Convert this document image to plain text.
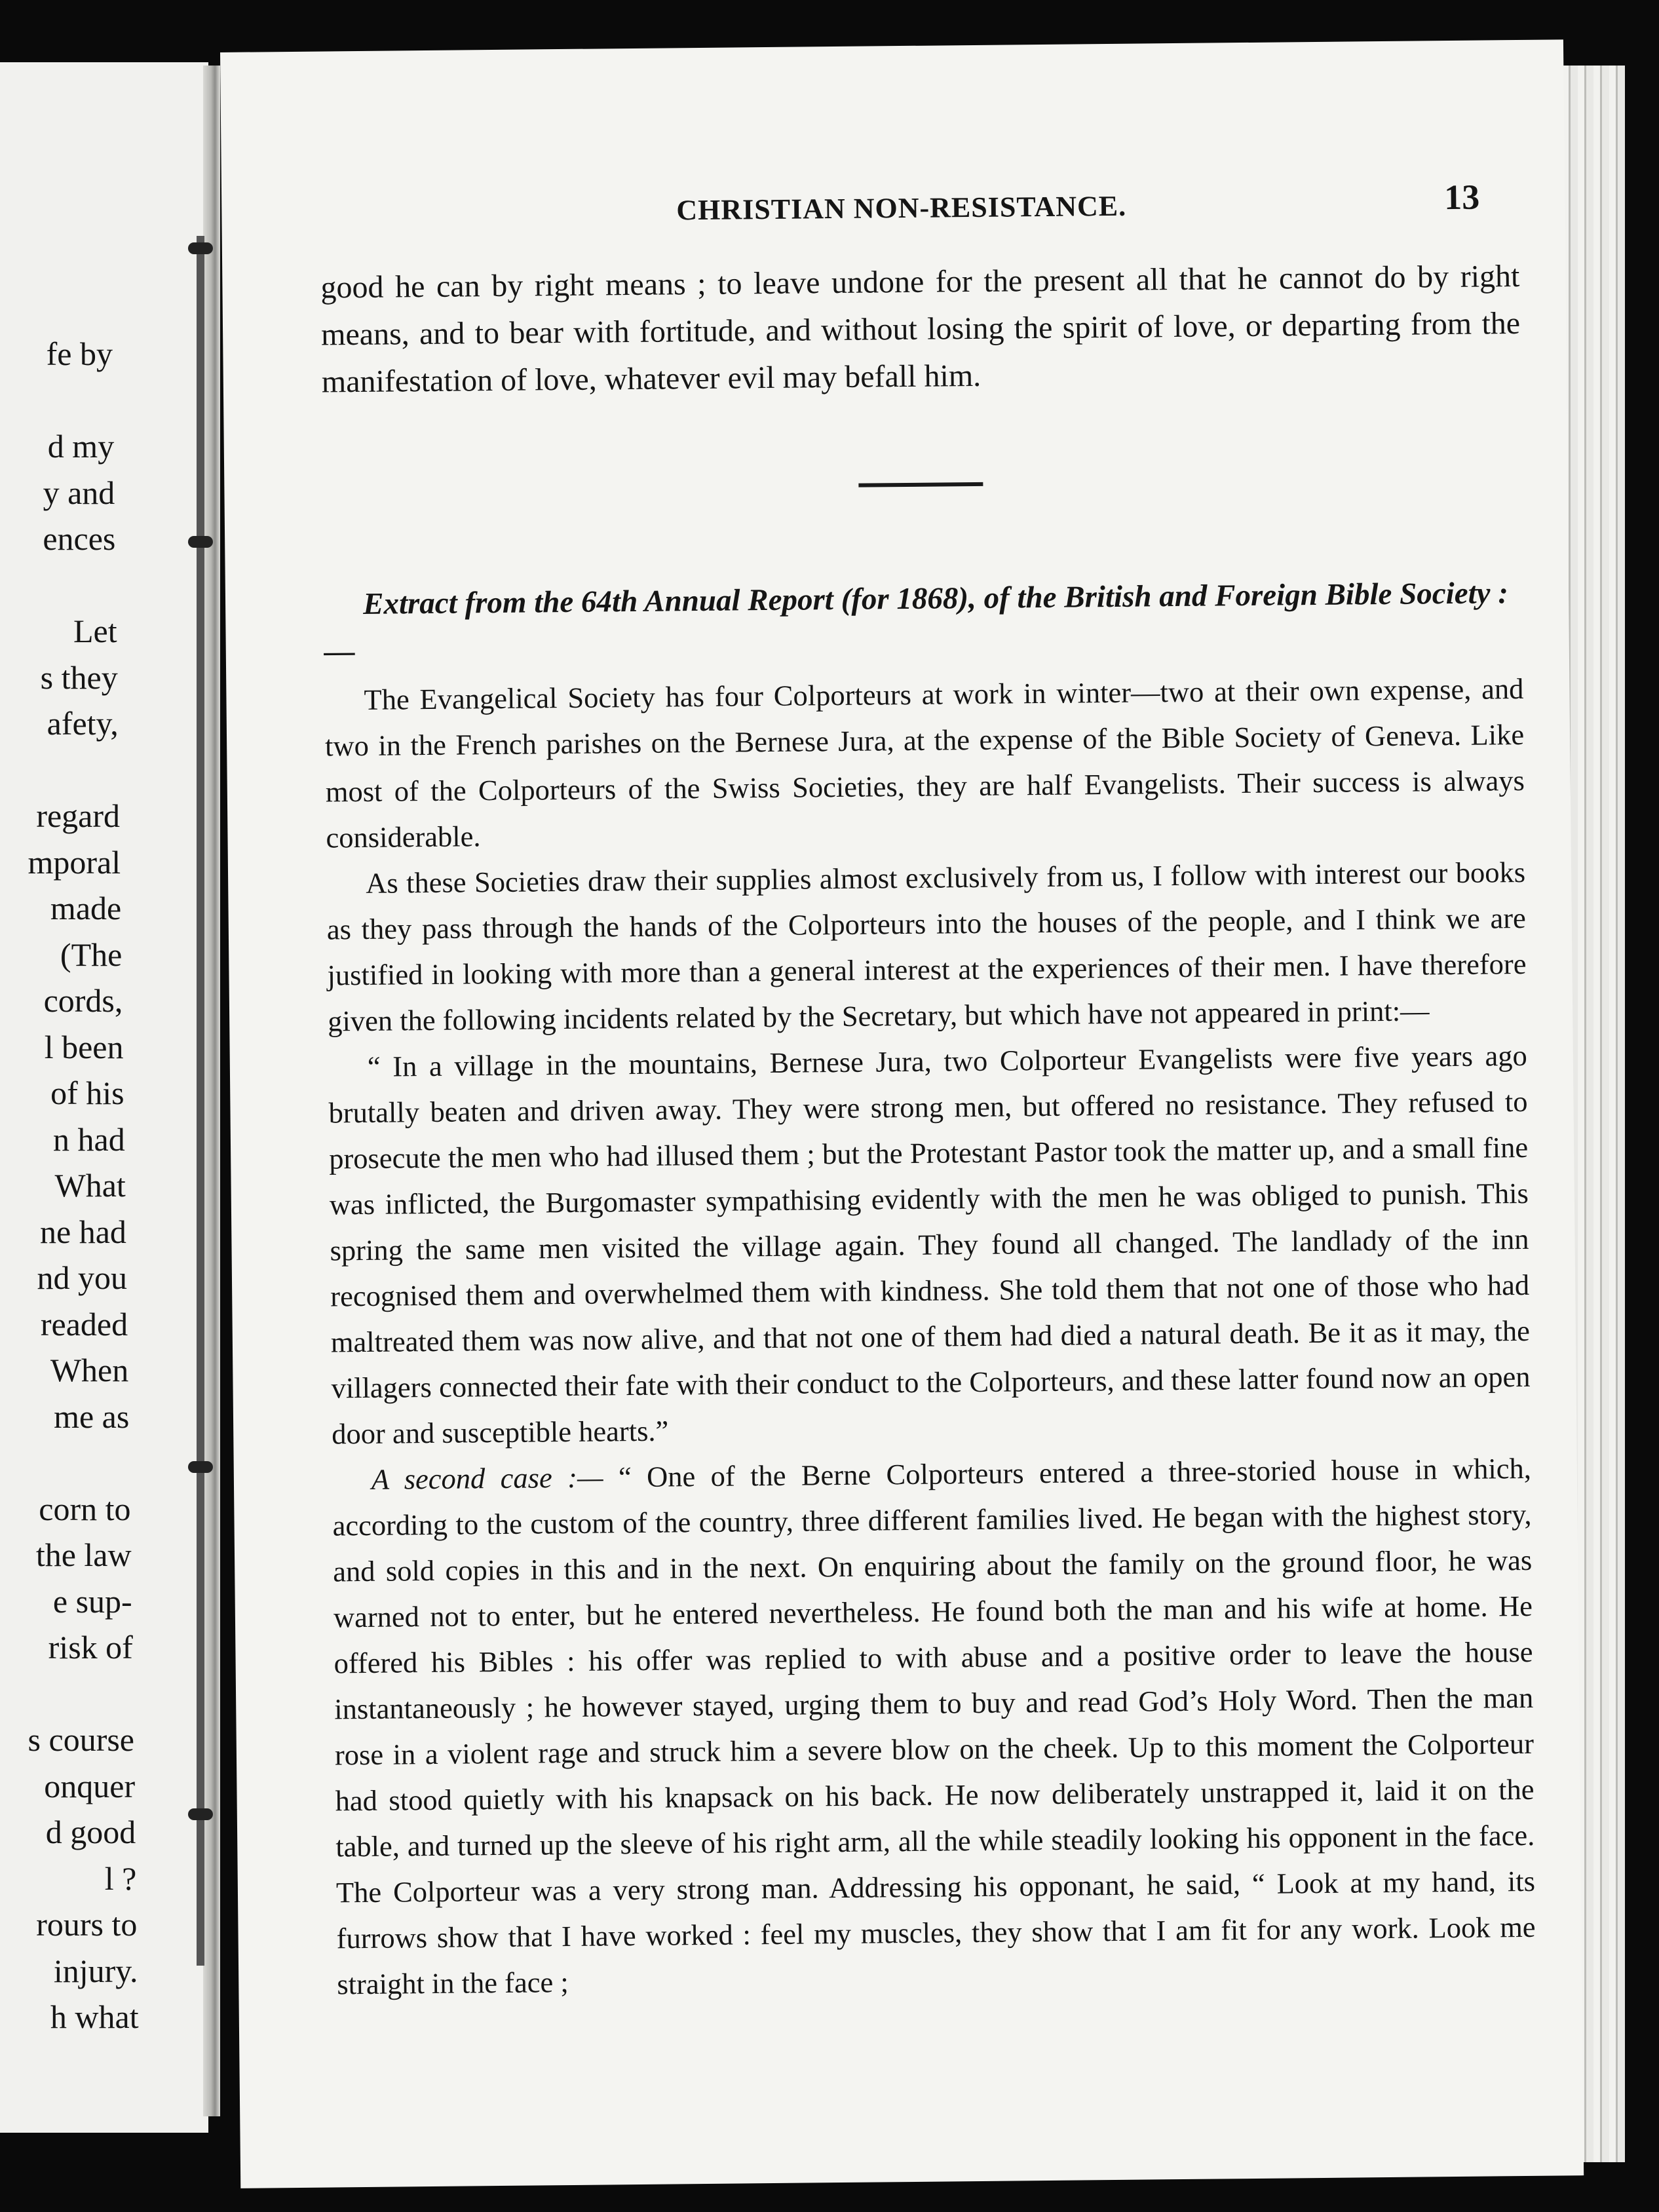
fe by
d my
y and
ences
Let
s they
afety,
regard
mporal
made
(The
cords,
l been
of his
n had
What
ne had
nd you
readed
When
me as
corn to
the law
e sup-
risk of
s course
onquer
d good
l ?
rours to
injury.
h what
CHRISTIAN NON-RESISTANCE.	13

good he can by right means ; to leave undone for the present all that he cannot do by right means, and to bear with fortitude, and without losing the spirit of love, or departing from the manifestation of love, whatever evil may befall him.

Extract from the 64th Annual Report (for 1868), of the British and Foreign Bible Society :—

The Evangelical Society has four Colporteurs at work in winter—two at their own expense, and two in the French parishes on the Bernese Jura, at the expense of the Bible Society of Geneva. Like most of the Colporteurs of the Swiss Societies, they are half Evangelists. Their success is always considerable.

As these Societies draw their supplies almost exclusively from us, I follow with interest our books as they pass through the hands of the Colporteurs into the houses of the people, and I think we are justified in looking with more than a general interest at the experiences of their men. I have therefore given the following incidents related by the Secretary, but which have not appeared in print:—

“ In a village in the mountains, Bernese Jura, two Colporteur Evangelists were five years ago brutally beaten and driven away. They were strong men, but offered no resistance. They refused to prosecute the men who had illused them ; but the Protestant Pastor took the matter up, and a small fine was inflicted, the Burgomaster sympathising evidently with the men he was obliged to punish. This spring the same men visited the village again. They found all changed. The landlady of the inn recognised them and overwhelmed them with kindness. She told them that not one of those who had maltreated them was now alive, and that not one of them had died a natural death. Be it as it may, the villagers connected their fate with their conduct to the Colporteurs, and these latter found now an open door and susceptible hearts.”

A second case :— “ One of the Berne Colporteurs entered a three-storied house in which, according to the custom of the country, three different families lived. He began with the highest story, and sold copies in this and in the next. On enquiring about the family on the ground floor, he was warned not to enter, but he entered nevertheless. He found both the man and his wife at home. He offered his Bibles : his offer was replied to with abuse and a positive order to leave the house instantaneously ; he however stayed, urging them to buy and read God’s Holy Word. Then the man rose in a violent rage and struck him a severe blow on the cheek. Up to this moment the Colporteur had stood quietly with his knapsack on his back. He now deliberately unstrapped it, laid it on the table, and turned up the sleeve of his right arm, all the while steadily looking his opponent in the face. The Colporteur was a very strong man. Addressing his opponant, he said, “ Look at my hand, its furrows show that I have worked : feel my muscles, they show that I am fit for any work. Look me straight in the face ;
